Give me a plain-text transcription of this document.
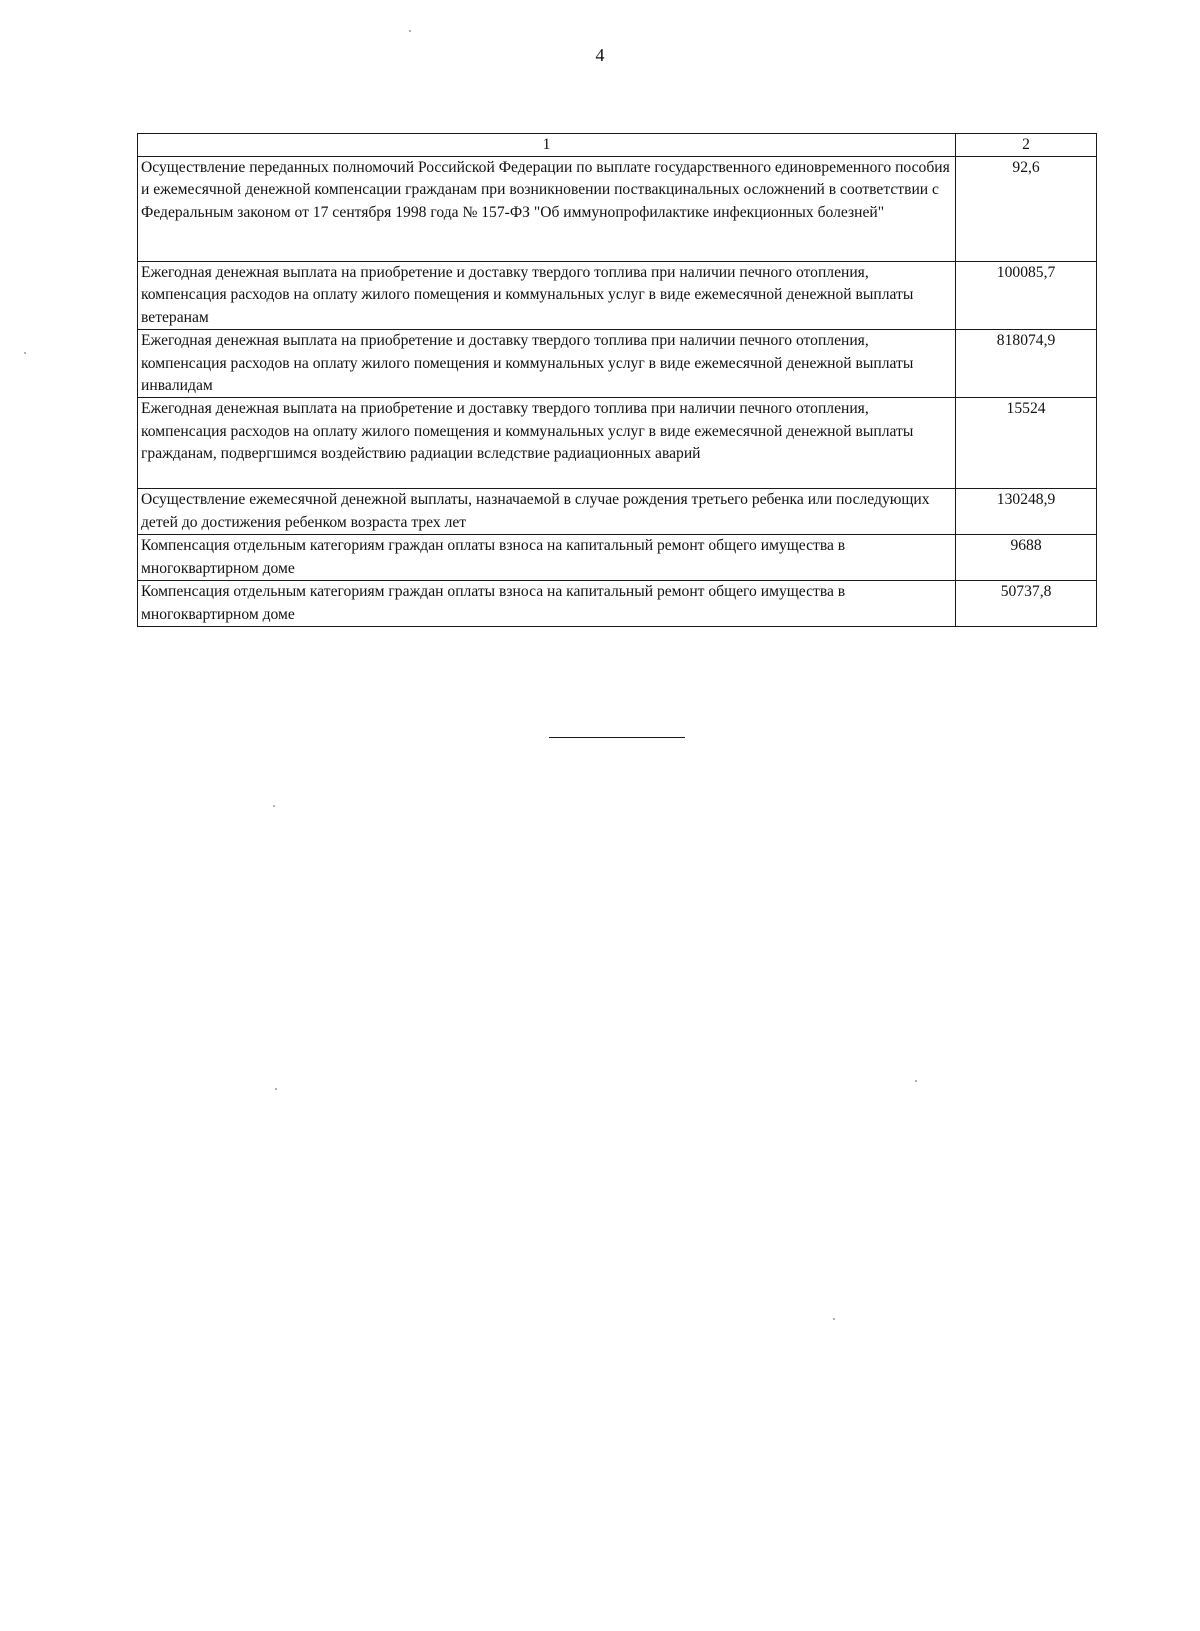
4
1	2
Осуществление переданных полномочий Российской Федерации по выплате государственного единовременного пособия и ежемесячной денежной компенсации гражданам при возникновении поствакцинальных осложнений в соответствии с Федеральным законом от 17 сентября 1998 года № 157-ФЗ "Об иммунопрофилактике инфекционных болезней"	92,6
Ежегодная денежная выплата на приобретение и доставку твердого топлива при наличии печного отопления, компенсация расходов на оплату жилого помещения и коммунальных услуг в виде ежемесячной денежной выплаты ветеранам	100085,7
Ежегодная денежная выплата на приобретение и доставку твердого топлива при наличии печного отопления, компенсация расходов на оплату жилого помещения и коммунальных услуг в виде ежемесячной денежной выплаты инвалидам	818074,9
Ежегодная денежная выплата на приобретение и доставку твердого топлива при наличии печного отопления, компенсация расходов на оплату жилого помещения и коммунальных услуг в виде ежемесячной денежной выплаты гражданам, подвергшимся воздействию радиации вследствие радиационных аварий	15524
Осуществление ежемесячной денежной выплаты, назначаемой в случае рождения третьего ребенка или последующих детей до достижения ребенком возраста трех лет	130248,9
Компенсация отдельным категориям граждан оплаты взноса на капитальный ремонт общего имущества в многоквартирном доме	9688
Компенсация отдельным категориям граждан оплаты взноса на капитальный ремонт общего имущества в многоквартирном доме	50737,8
